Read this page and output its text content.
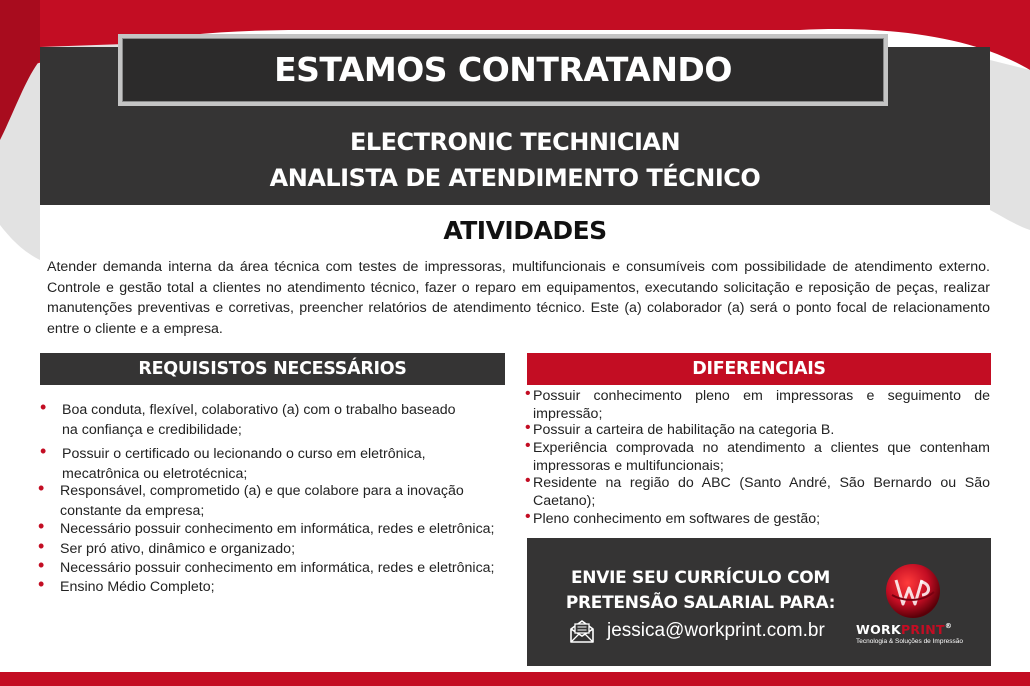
ESTAMOS CONTRATANDO
ELECTRONIC TECHNICIAN
ANALISTA DE ATENDIMENTO TÉCNICO
ATIVIDADES
Atender demanda interna da área técnica com testes de impressoras, multifuncionais e consumíveis com possibilidade de atendimento externo. Controle e gestão total a clientes no atendimento técnico, fazer o reparo em equipamentos, executando solicitação e reposição de peças, realizar manutenções preventivas e corretivas, preencher relatórios de atendimento técnico. Este (a) colaborador (a) será o ponto focal de relacionamento entre o cliente e a empresa.
REQUISISTOS NECESSÁRIOS	DIFERENCIAIS
• Boa conduta, flexível, colaborativo (a) com o trabalho baseado na confiança e credibilidade;
• Possuir o certificado ou lecionando o curso em eletrônica, mecatrônica ou eletrotécnica;
• Responsável, comprometido (a) e que colabore para a inovação constante da empresa;
• Necessário possuir conhecimento em informática, redes e eletrônica;
• Ser pró ativo, dinâmico e organizado;
• Necessário possuir conhecimento em informática, redes e eletrônica;
• Ensino Médio Completo;
• Possuir conhecimento pleno em impressoras e seguimento de impressão;
• Possuir a carteira de habilitação na categoria B.
• Experiência comprovada no atendimento a clientes que contenham impressoras e multifuncionais;
• Residente na região do ABC (Santo André, São Bernardo ou São Caetano);
• Pleno conhecimento em softwares de gestão;
ENVIE SEU CURRÍCULO COM
PRETENSÃO SALARIAL PARA:
jessica@workprint.com.br WORKPRINT®
Tecnologia & Soluções de Impressão
